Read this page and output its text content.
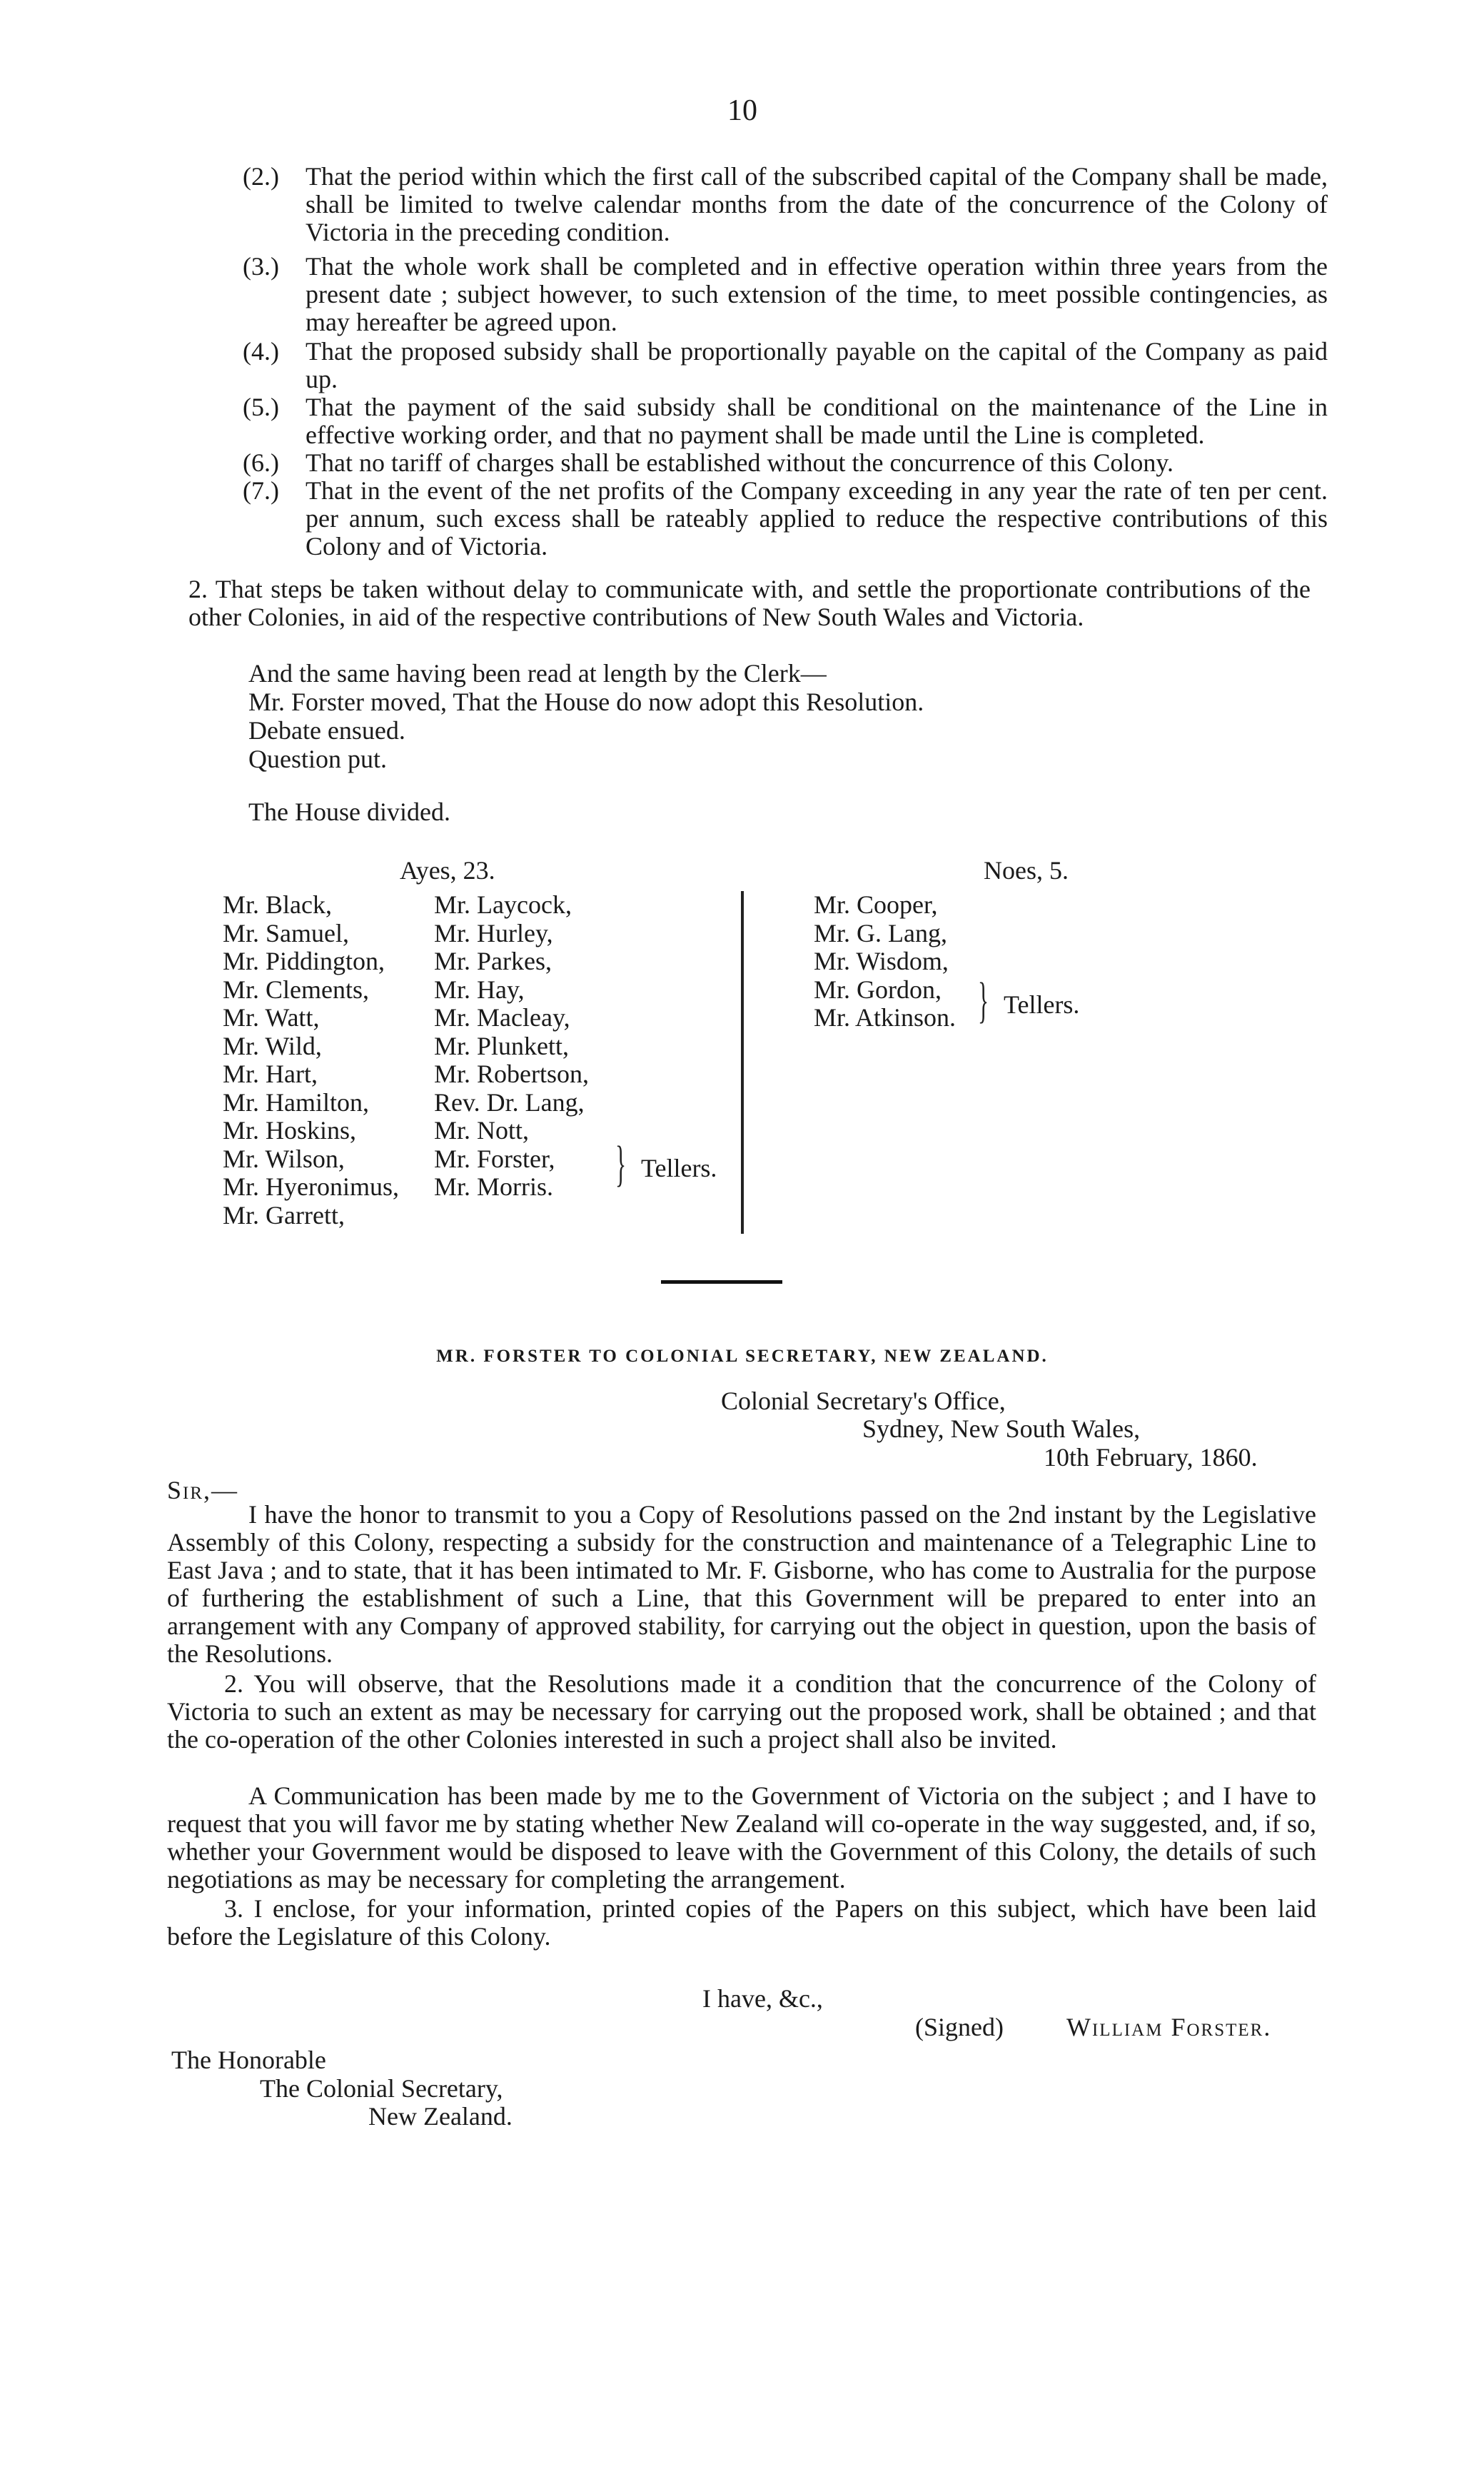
10
(2.)	That the period within which the first call of the subscribed capital of the Company shall be made, shall be limited to twelve calendar months from the date of the concurrence of the Colony of Victoria in the preceding condition.
(3.)	That the whole work shall be completed and in effective operation within three years from the present date ; subject however, to such extension of the time, to meet possible contingencies, as may hereafter be agreed upon.
(4.)	That the proposed subsidy shall be proportionally payable on the capital of the Company as paid up.
(5.)	That the payment of the said subsidy shall be conditional on the maintenance of the Line in effective working order, and that no payment shall be made until the Line is completed.
(6.)	That no tariff of charges shall be established without the concurrence of this Colony.
(7.)	That in the event of the net profits of the Company exceeding in any year the rate of ten per cent. per annum, such excess shall be rateably applied to reduce the respective contributions of this Colony and of Victoria.
2. That steps be taken without delay to communicate with, and settle the proportionate contributions of the other Colonies, in aid of the respective contributions of New South Wales and Victoria.
And the same having been read at length by the Clerk—
Mr. Forster moved, That the House do now adopt this Resolution.
Debate ensued.
Question put.
The House divided.
Ayes, 23.	Noes, 5.
Mr. Black,
Mr. Samuel,
Mr. Piddington,
Mr. Clements,
Mr. Watt,
Mr. Wild,
Mr. Hart,
Mr. Hamilton,
Mr. Hoskins,
Mr. Wilson,
Mr. Hyeronimus,
Mr. Garrett,
Mr. Laycock,
Mr. Hurley,
Mr. Parkes,
Mr. Hay,
Mr. Macleay,
Mr. Plunkett,
Mr. Robertson,
Rev. Dr. Lang,
Mr. Nott,
Mr. Forster,
Mr. Morris.
Mr. Cooper,
Mr. G. Lang,
Mr. Wisdom,
Mr. Gordon,
Mr. Atkinson.
} Tellers.
} Tellers.
MR. FORSTER TO COLONIAL SECRETARY, NEW ZEALAND.
Colonial Secretary's Office,
Sydney, New South Wales,
10th February, 1860.
Sir,—
I have the honor to transmit to you a Copy of Resolutions passed on the 2nd instant by the Legislative Assembly of this Colony, respecting a subsidy for the construction and maintenance of a Telegraphic Line to East Java ; and to state, that it has been intimated to Mr. F. Gisborne, who has come to Australia for the purpose of furthering the establishment of such a Line, that this Government will be prepared to enter into an arrangement with any Company of approved stability, for carrying out the object in question, upon the basis of the Resolutions.
2. You will observe, that the Resolutions made it a condition that the concurrence of the Colony of Victoria to such an extent as may be necessary for carrying out the proposed work, shall be obtained ; and that the co-operation of the other Colonies interested in such a project shall also be invited.
A Communication has been made by me to the Government of Victoria on the subject ; and I have to request that you will favor me by stating whether New Zealand will co-operate in the way suggested, and, if so, whether your Government would be disposed to leave with the Government of this Colony, the details of such negotiations as may be necessary for completing the arrangement.
3. I enclose, for your information, printed copies of the Papers on this subject, which have been laid before the Legislature of this Colony.
I have, &c.,
(Signed) William Forster.
The Honorable
The Colonial Secretary,
New Zealand.
